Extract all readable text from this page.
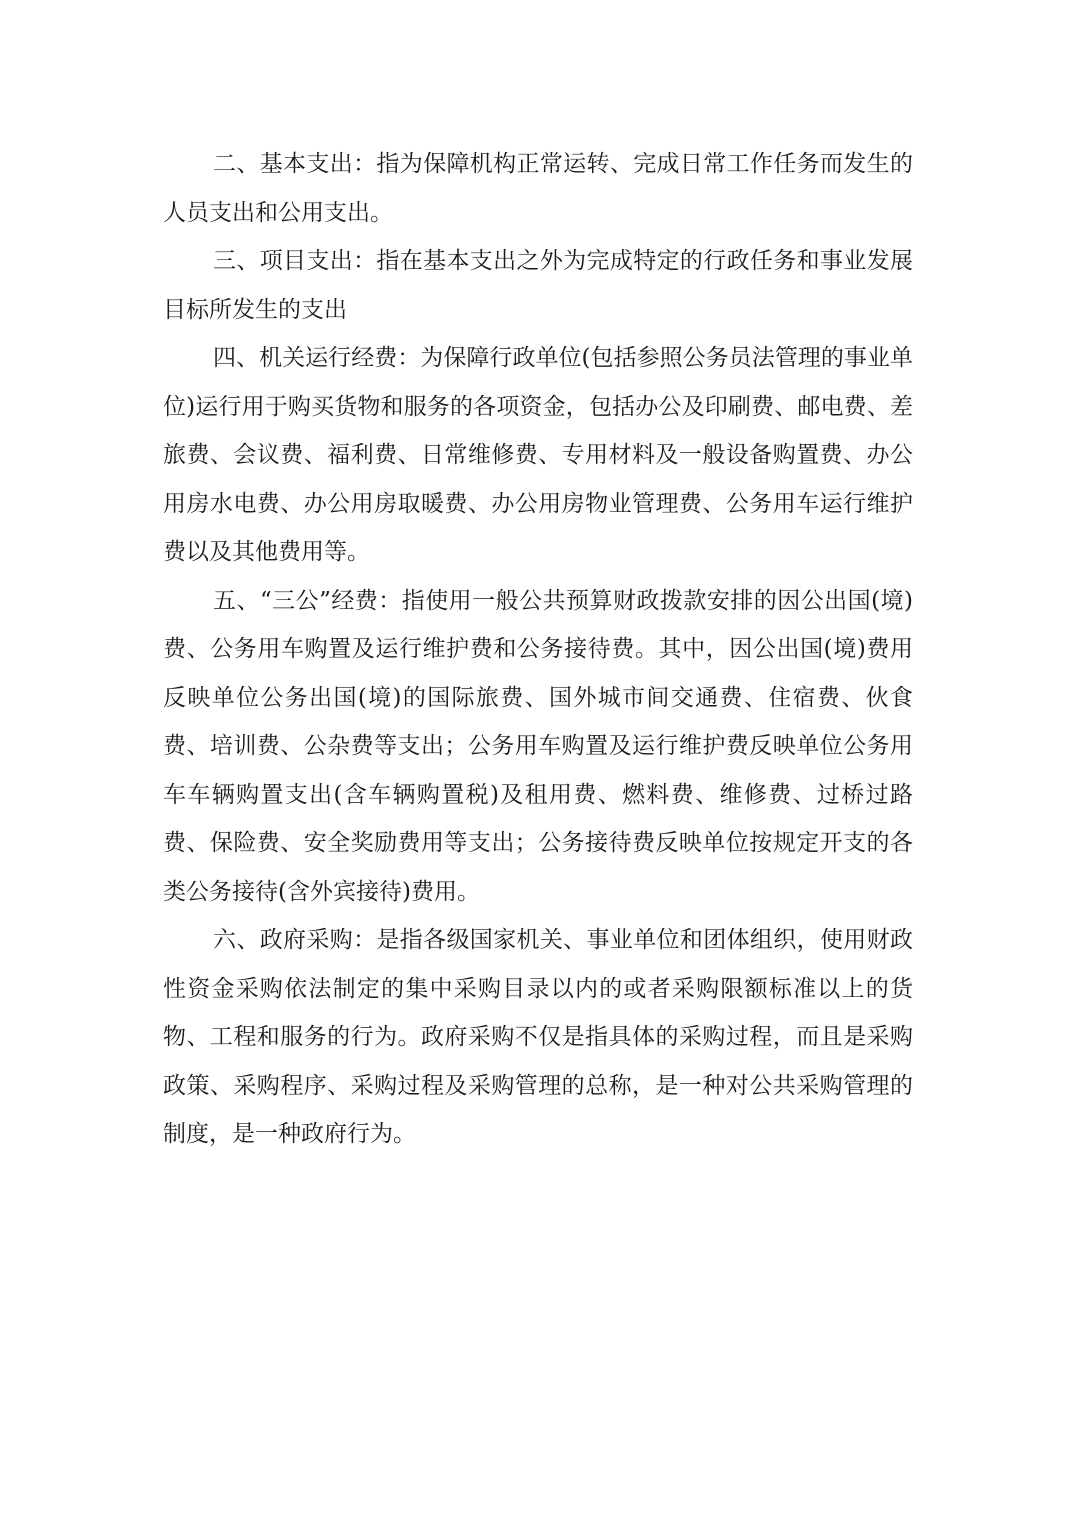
二、基本支出：指为保障机构正常运转、完成日常工作任务而发生的人员支出和公用支出。

三、项目支出：指在基本支出之外为完成特定的行政任务和事业发展目标所发生的支出

四、机关运行经费：为保障行政单位(包括参照公务员法管理的事业单位)运行用于购买货物和服务的各项资金，包括办公及印刷费、邮电费、差旅费、会议费、福利费、日常维修费、专用材料及一般设备购置费、办公用房水电费、办公用房取暖费、办公用房物业管理费、公务用车运行维护费以及其他费用等。

五、“三公”经费：指使用一般公共预算财政拨款安排的因公出国(境)费、公务用车购置及运行维护费和公务接待费。其中，因公出国(境)费用反映单位公务出国(境)的国际旅费、国外城市间交通费、住宿费、伙食费、培训费、公杂费等支出；公务用车购置及运行维护费反映单位公务用车车辆购置支出(含车辆购置税)及租用费、燃料费、维修费、过桥过路费、保险费、安全奖励费用等支出；公务接待费反映单位按规定开支的各类公务接待(含外宾接待)费用。

六、政府采购：是指各级国家机关、事业单位和团体组织，使用财政性资金采购依法制定的集中采购目录以内的或者采购限额标准以上的货物、工程和服务的行为。政府采购不仅是指具体的采购过程，而且是采购政策、采购程序、采购过程及采购管理的总称，是一种对公共采购管理的制度，是一种政府行为。
